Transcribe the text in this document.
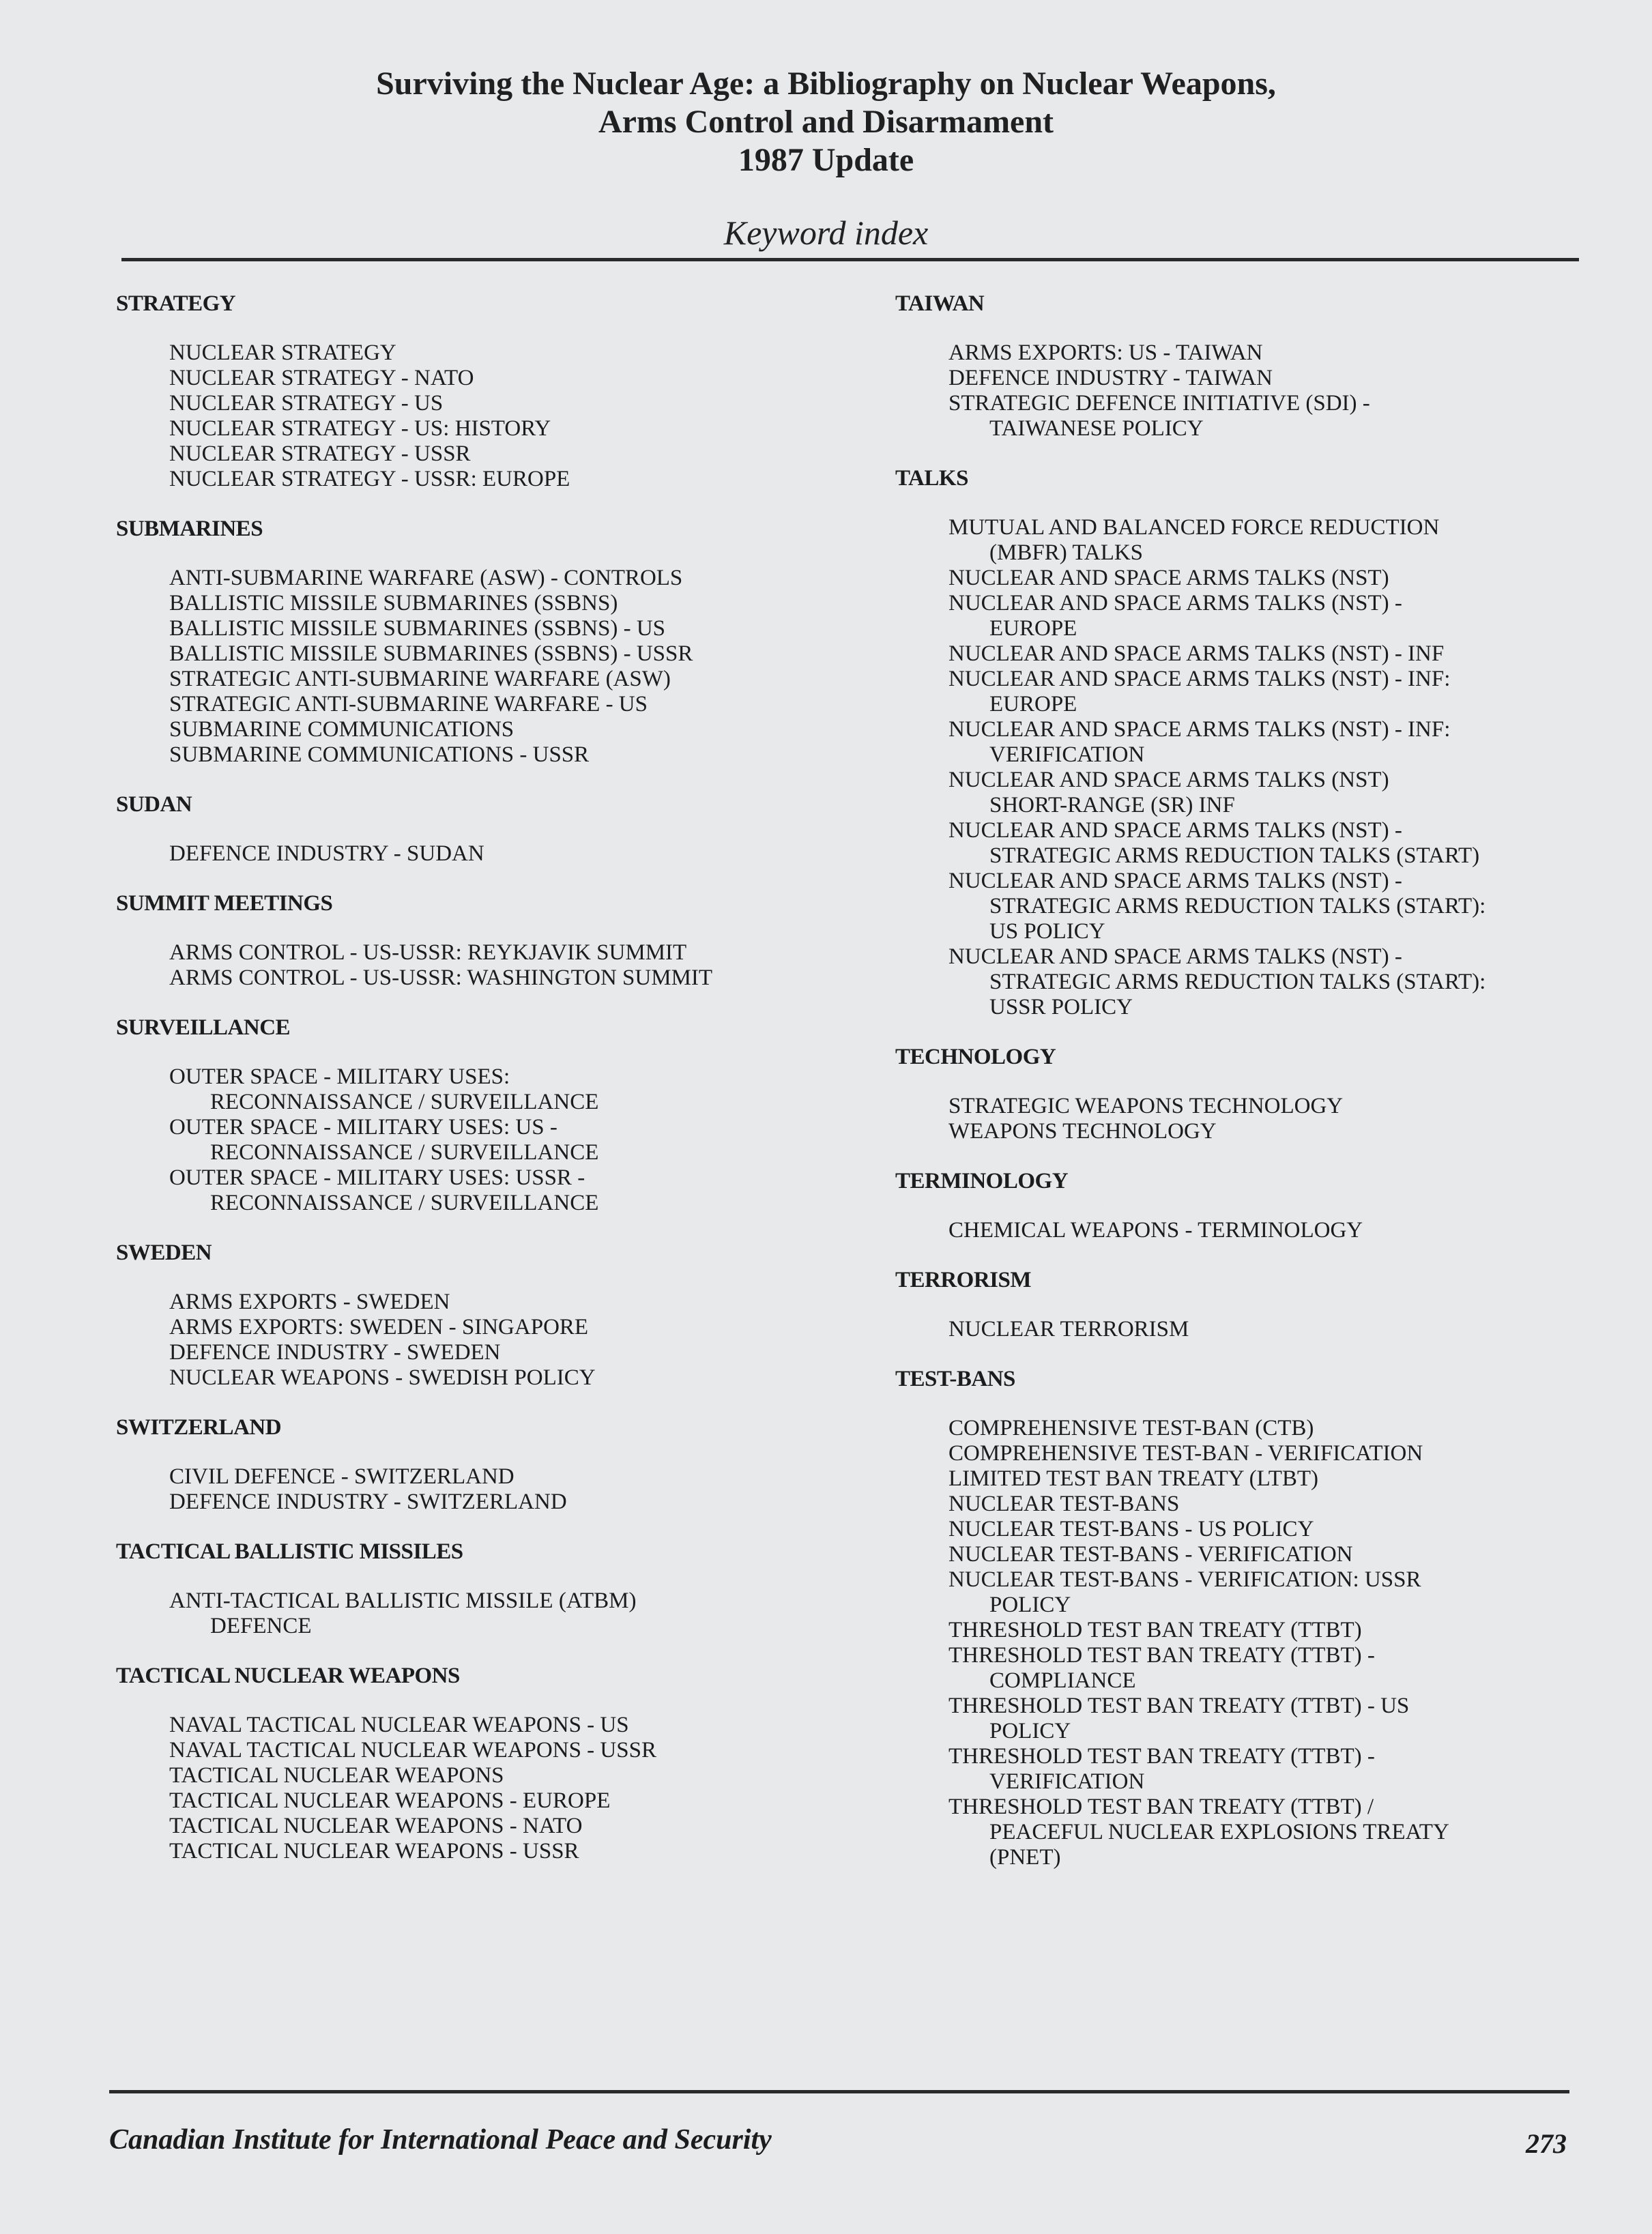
Surviving the Nuclear Age: a Bibliography on Nuclear Weapons,
Arms Control and Disarmament
1987 Update
Keyword index
STRATEGY
NUCLEAR STRATEGY
NUCLEAR STRATEGY - NATO
NUCLEAR STRATEGY - US
NUCLEAR STRATEGY - US: HISTORY
NUCLEAR STRATEGY - USSR
NUCLEAR STRATEGY - USSR: EUROPE
SUBMARINES
ANTI-SUBMARINE WARFARE (ASW) - CONTROLS
BALLISTIC MISSILE SUBMARINES (SSBNS)
BALLISTIC MISSILE SUBMARINES (SSBNS) - US
BALLISTIC MISSILE SUBMARINES (SSBNS) - USSR
STRATEGIC ANTI-SUBMARINE WARFARE (ASW)
STRATEGIC ANTI-SUBMARINE WARFARE - US
SUBMARINE COMMUNICATIONS
SUBMARINE COMMUNICATIONS - USSR
SUDAN
DEFENCE INDUSTRY - SUDAN
SUMMIT MEETINGS
ARMS CONTROL - US-USSR: REYKJAVIK SUMMIT
ARMS CONTROL - US-USSR: WASHINGTON SUMMIT
SURVEILLANCE
OUTER SPACE - MILITARY USES:
RECONNAISSANCE / SURVEILLANCE
OUTER SPACE - MILITARY USES: US -
RECONNAISSANCE / SURVEILLANCE
OUTER SPACE - MILITARY USES: USSR -
RECONNAISSANCE / SURVEILLANCE
SWEDEN
ARMS EXPORTS - SWEDEN
ARMS EXPORTS: SWEDEN - SINGAPORE
DEFENCE INDUSTRY - SWEDEN
NUCLEAR WEAPONS - SWEDISH POLICY
SWITZERLAND
CIVIL DEFENCE - SWITZERLAND
DEFENCE INDUSTRY - SWITZERLAND
TACTICAL BALLISTIC MISSILES
ANTI-TACTICAL BALLISTIC MISSILE (ATBM)
DEFENCE
TACTICAL NUCLEAR WEAPONS
NAVAL TACTICAL NUCLEAR WEAPONS - US
NAVAL TACTICAL NUCLEAR WEAPONS - USSR
TACTICAL NUCLEAR WEAPONS
TACTICAL NUCLEAR WEAPONS - EUROPE
TACTICAL NUCLEAR WEAPONS - NATO
TACTICAL NUCLEAR WEAPONS - USSR
TAIWAN
ARMS EXPORTS: US - TAIWAN
DEFENCE INDUSTRY - TAIWAN
STRATEGIC DEFENCE INITIATIVE (SDI) -
TAIWANESE POLICY
TALKS
MUTUAL AND BALANCED FORCE REDUCTION
(MBFR) TALKS
NUCLEAR AND SPACE ARMS TALKS (NST)
NUCLEAR AND SPACE ARMS TALKS (NST) -
EUROPE
NUCLEAR AND SPACE ARMS TALKS (NST) - INF
NUCLEAR AND SPACE ARMS TALKS (NST) - INF:
EUROPE
NUCLEAR AND SPACE ARMS TALKS (NST) - INF:
VERIFICATION
NUCLEAR AND SPACE ARMS TALKS (NST)
SHORT-RANGE (SR) INF
NUCLEAR AND SPACE ARMS TALKS (NST) -
STRATEGIC ARMS REDUCTION TALKS (START)
NUCLEAR AND SPACE ARMS TALKS (NST) -
STRATEGIC ARMS REDUCTION TALKS (START):
US POLICY
NUCLEAR AND SPACE ARMS TALKS (NST) -
STRATEGIC ARMS REDUCTION TALKS (START):
USSR POLICY
TECHNOLOGY
STRATEGIC WEAPONS TECHNOLOGY
WEAPONS TECHNOLOGY
TERMINOLOGY
CHEMICAL WEAPONS - TERMINOLOGY
TERRORISM
NUCLEAR TERRORISM
TEST-BANS
COMPREHENSIVE TEST-BAN (CTB)
COMPREHENSIVE TEST-BAN - VERIFICATION
LIMITED TEST BAN TREATY (LTBT)
NUCLEAR TEST-BANS
NUCLEAR TEST-BANS - US POLICY
NUCLEAR TEST-BANS - VERIFICATION
NUCLEAR TEST-BANS - VERIFICATION: USSR
POLICY
THRESHOLD TEST BAN TREATY (TTBT)
THRESHOLD TEST BAN TREATY (TTBT) -
COMPLIANCE
THRESHOLD TEST BAN TREATY (TTBT) - US
POLICY
THRESHOLD TEST BAN TREATY (TTBT) -
VERIFICATION
THRESHOLD TEST BAN TREATY (TTBT) /
PEACEFUL NUCLEAR EXPLOSIONS TREATY
(PNET)
Canadian Institute for International Peace and Security	273
